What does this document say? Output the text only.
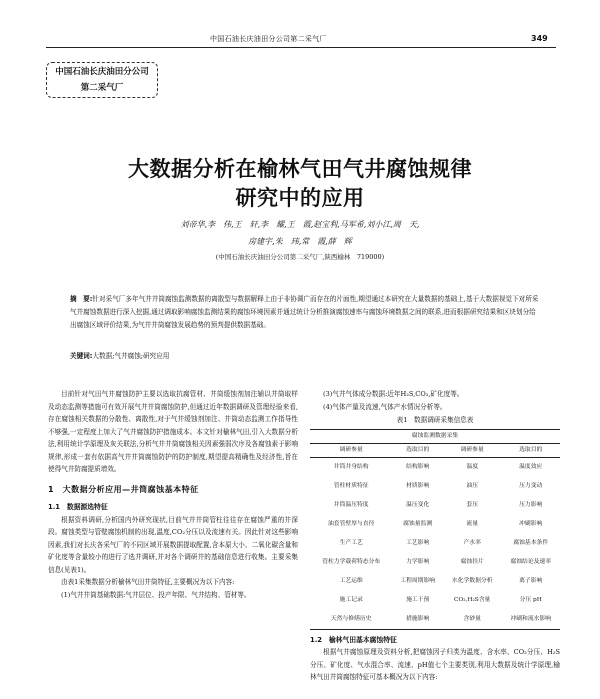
中国石油长庆油田分公司第二采气厂	349
中国石油长庆油田分公司
第二采气厂
大数据分析在榆林气田气井腐蚀规律
研究中的应用
刘帝华,李　伟,王　轩,李　耀,王　霞,赵宝利,马军希,刘小江,周　天,
房建宇,朱　玮,常　霞,薛　辉
(中国石油长庆油田分公司第二采气厂,陕西榆林　719000)
摘　要:针对采气厂多年气井井筒腐蚀监测数据的离散型与数据解释上由于非协调广而存在的片面性,期望通过本研究在大量数据的基础上,基于大数据视觉下对所采气井腐蚀数据进行深入挖掘,通过调取影响腐蚀监测结果的腐蚀环境因素并通过统计分析推演腐蚀速率与腐蚀环境数据之间的联系,进而根据研究结果和区块划分给出腐蚀区域评价结果,为气井井筒腐蚀发展趋势的预判提供数据基础。
关键词:大数据;气井腐蚀;研究应用

目前针对气田气井腐蚀防护主要以选取抗腐管材、井筒缓蚀剂加注辅以井筒取样及动态监测等措施可有效开展气井井筒腐蚀防护,但通过近年数据调研及管理经验来看,存在腐蚀相关数据的分散性、离散性,对于气井缓蚀剂加注、井筒动态监测工作指导性不够强,一定程度上加大了气井腐蚀防护措施成本。本文针对榆林气田,引入大数据分析法,利用统计学原理及灰关联法,分析气井井筒腐蚀相关因素强弱次序及各腐蚀素于影响规律,形成一套有依据高气井井筒腐蚀防护的防护制度,期望提高精确性及经济性,旨在使得气井防腐提质增效。

1　大数据分析应用—井筒腐蚀基本特征
1.1　数据源选特征

根据资料调研,分析国内外研究现状,目前气井井筒管柱往往存在腐蚀严重的井深段。腐蚀类型与管壁腐蚀机制的出现,温度,CO₂分压以及流速有关。因此针对这些影响因素,我们对长庆各采气厂的不同区域开展数据提取配置,含本原大小、二氧化碳含量和矿化度等含量较小的进行了选井调研,并对各个调研井的基础信息进行收集。主要采集信息(见表1)。

由表1采集数据分析榆林气田井筒特征,主要概况为以下内容:

(1)气井井筒基础数据:气井层位、投产年限、气井结构、管材等。

(3)气井气体成分数据:近年H₂S,CO₂,矿化度等。

(4)气体产量及流速,气体产水情况分析等。

表1　数据调研采集信息表
腐蚀监测数据采集			
调研参量	选取目的	调研参量	选取目的
井筒井身结构	结构影响	温度	温度效应
管柱材质特征	材质影响	油压	压力变动
井筒温压特度	温压变化	套压	压力影响
油套管壁厚与直径	腐蚀量监测	流量	冲刷影响
生产工艺	工艺影响	产水率	腐蚀基本条件
管柱力学载荷特态分布	力学影响	腐蚀挂片	腐蚀结论及速率
工艺运维	工程周期影响	水化学数据分析	离子影响
施工记录	施工干预	CO₂,H₂S含量	分压 pH
天然与修缮历史	措施影响	含砂量	冲刷和流水影响
1.2　榆林气田基本腐蚀特征

根据气井腐蚀原理及资料分析,把腐蚀因子归类为温度、含水率、CO₂分压、H₂S分压、矿化度、气水混合率、流速、pH值七个主要类别,利用大数据及统计学原理,榆林气田井筒腐蚀特征可基本概况为以下内容:
